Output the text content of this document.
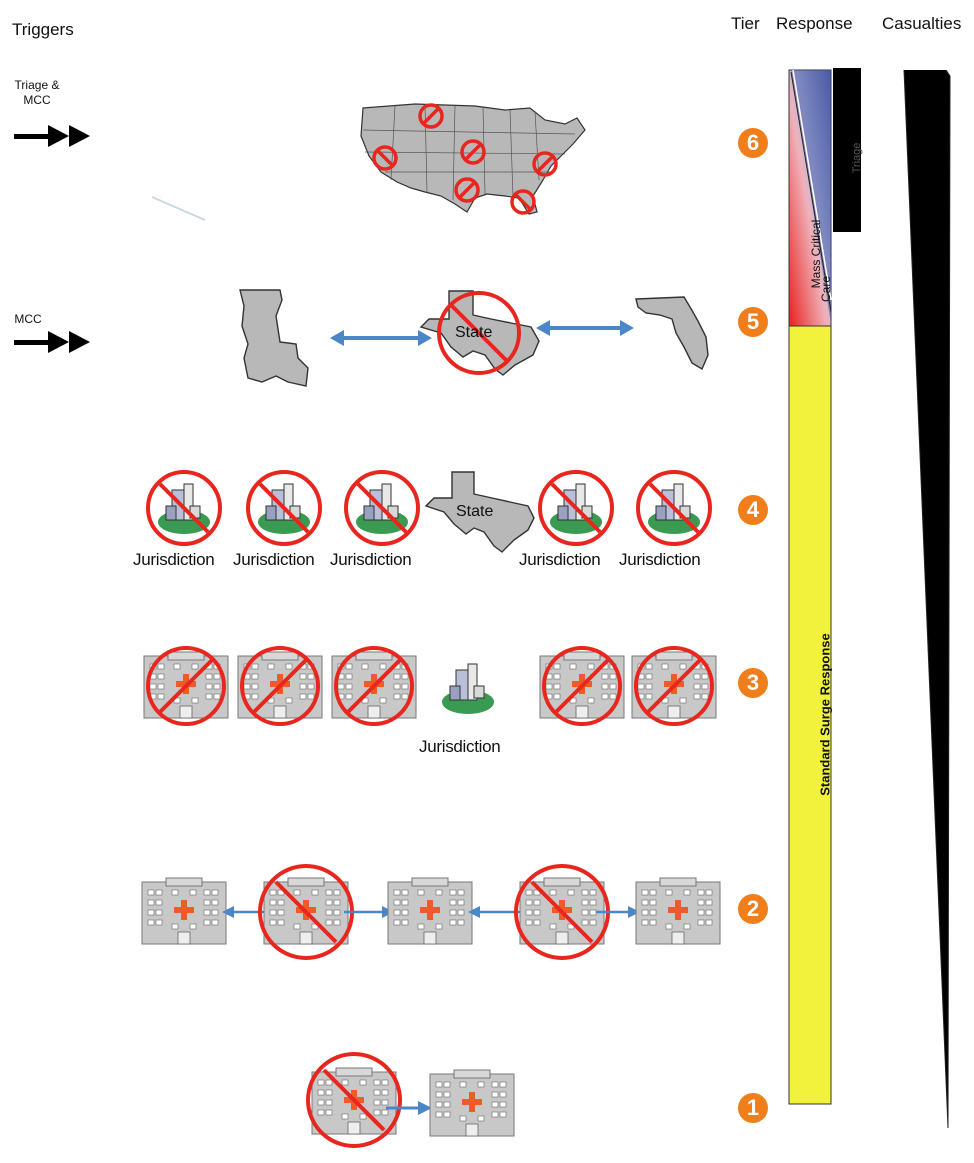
Triggers	Tier Response Casualties
Triage &
MCC
MCC
State
State
Jurisdiction Jurisdiction Jurisdiction	Jurisdiction Jurisdiction
Jurisdiction
6
5
4
3
2
1
Standard Surge Response
Mass Critical
Care
Triage
